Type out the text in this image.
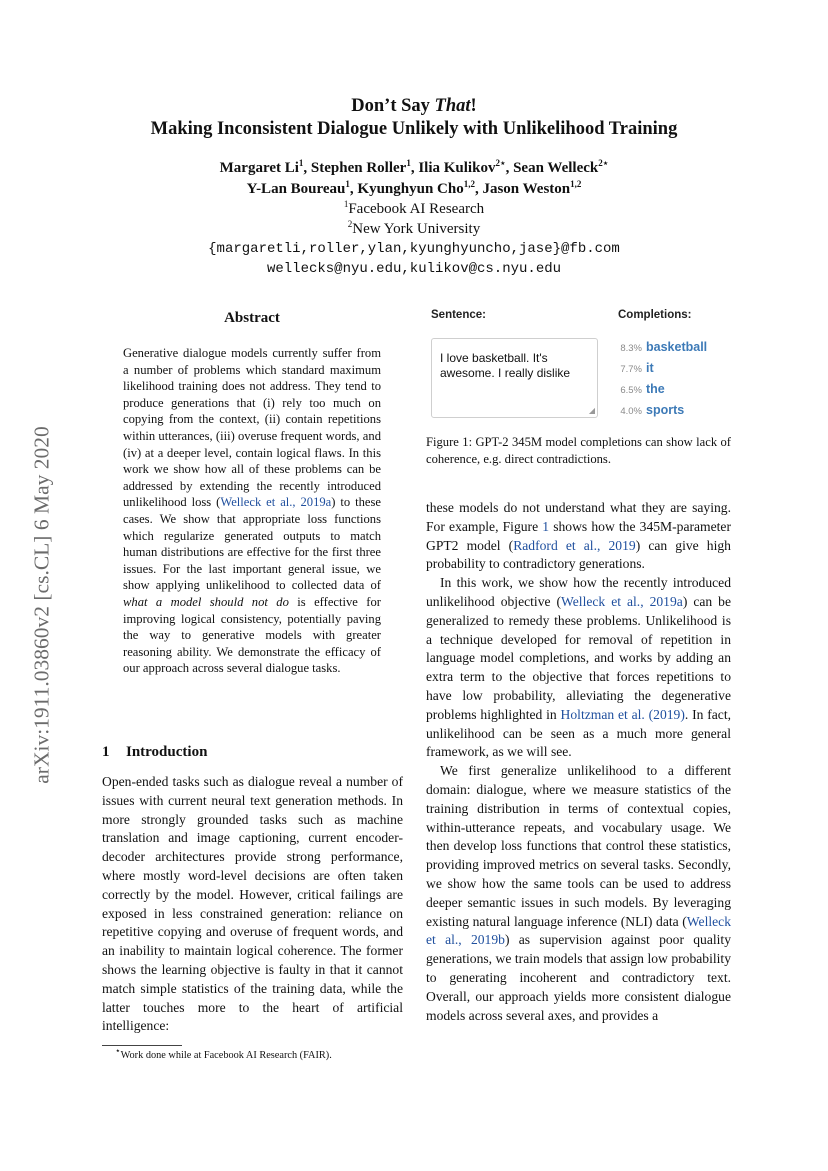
Don’t Say That!
Making Inconsistent Dialogue Unlikely with Unlikelihood Training
Margaret Li$^1$, Stephen Roller$^1$, Ilia Kulikov$^{2⋆}$, Sean Welleck$^{2⋆}$
Y-Lan Boureau$^1$, Kyunghyun Cho$^{1,2}$, Jason Weston$^{1,2}$
$^1$Facebook AI Research
$^2$New York University
{margaretli,roller,ylan,kyunghyuncho,jase}@fb.com
wellecks@nyu.edu,kulikov@cs.nyu.edu
arXiv:1911.03860v2 [cs.CL] 6 May 2020
Abstract
Generative dialogue models currently suffer from a number of problems which standard maximum likelihood training does not address. They tend to produce generations that (i) rely too much on copying from the context, (ii) contain repetitions within utterances, (iii) overuse frequent words, and (iv) at a deeper level, contain logical flaws. In this work we show how all of these problems can be addressed by extending the recently introduced unlikelihood loss (Welleck et al., 2019a) to these cases. We show that appropriate loss functions which regularize generated outputs to match human distributions are effective for the first three issues. For the last important general issue, we show applying unlikelihood to collected data of what a model should not do is effective for improving logical consistency, potentially paving the way to generative models with greater reasoning ability. We demonstrate the efficacy of our approach across several dialogue tasks.
1 Introduction
Open-ended tasks such as dialogue reveal a number of issues with current neural text generation methods. In more strongly grounded tasks such as machine translation and image captioning, current encoder-decoder architectures provide strong performance, where mostly word-level decisions are often taken correctly by the model. However, critical failings are exposed in less constrained generation: reliance on repetitive copying and overuse of frequent words, and an inability to maintain logical coherence. The former shows the learning objective is faulty in that it cannot match simple statistics of the training data, while the latter touches more to the heart of artificial intelligence:
⋆Work done while at Facebook AI Research (FAIR).
Sentence:	Completions:
I love basketball. It's awesome. I really dislike
◢
8.3% basketball
7.7% it
6.5% the
4.0% sports
Figure 1: GPT-2 345M model completions can show lack of coherence, e.g. direct contradictions.

these models do not understand what they are saying. For example, Figure 1 shows how the 345M-parameter GPT2 model (Radford et al., 2019) can give high probability to contradictory generations.

In this work, we show how the recently introduced unlikelihood objective (Welleck et al., 2019a) can be generalized to remedy these problems. Unlikelihood is a technique developed for removal of repetition in language model completions, and works by adding an extra term to the objective that forces repetitions to have low probability, alleviating the degenerative problems highlighted in Holtzman et al. (2019). In fact, unlikelihood can be seen as a much more general framework, as we will see.

We first generalize unlikelihood to a different domain: dialogue, where we measure statistics of the training distribution in terms of contextual copies, within-utterance repeats, and vocabulary usage. We then develop loss functions that control these statistics, providing improved metrics on several tasks. Secondly, we show how the same tools can be used to address deeper semantic issues in such models. By leveraging existing natural language inference (NLI) data (Welleck et al., 2019b) as supervision against poor quality generations, we train models that assign low probability to generating incoherent and contradictory text. Overall, our approach yields more consistent dialogue models across several axes, and provides a
